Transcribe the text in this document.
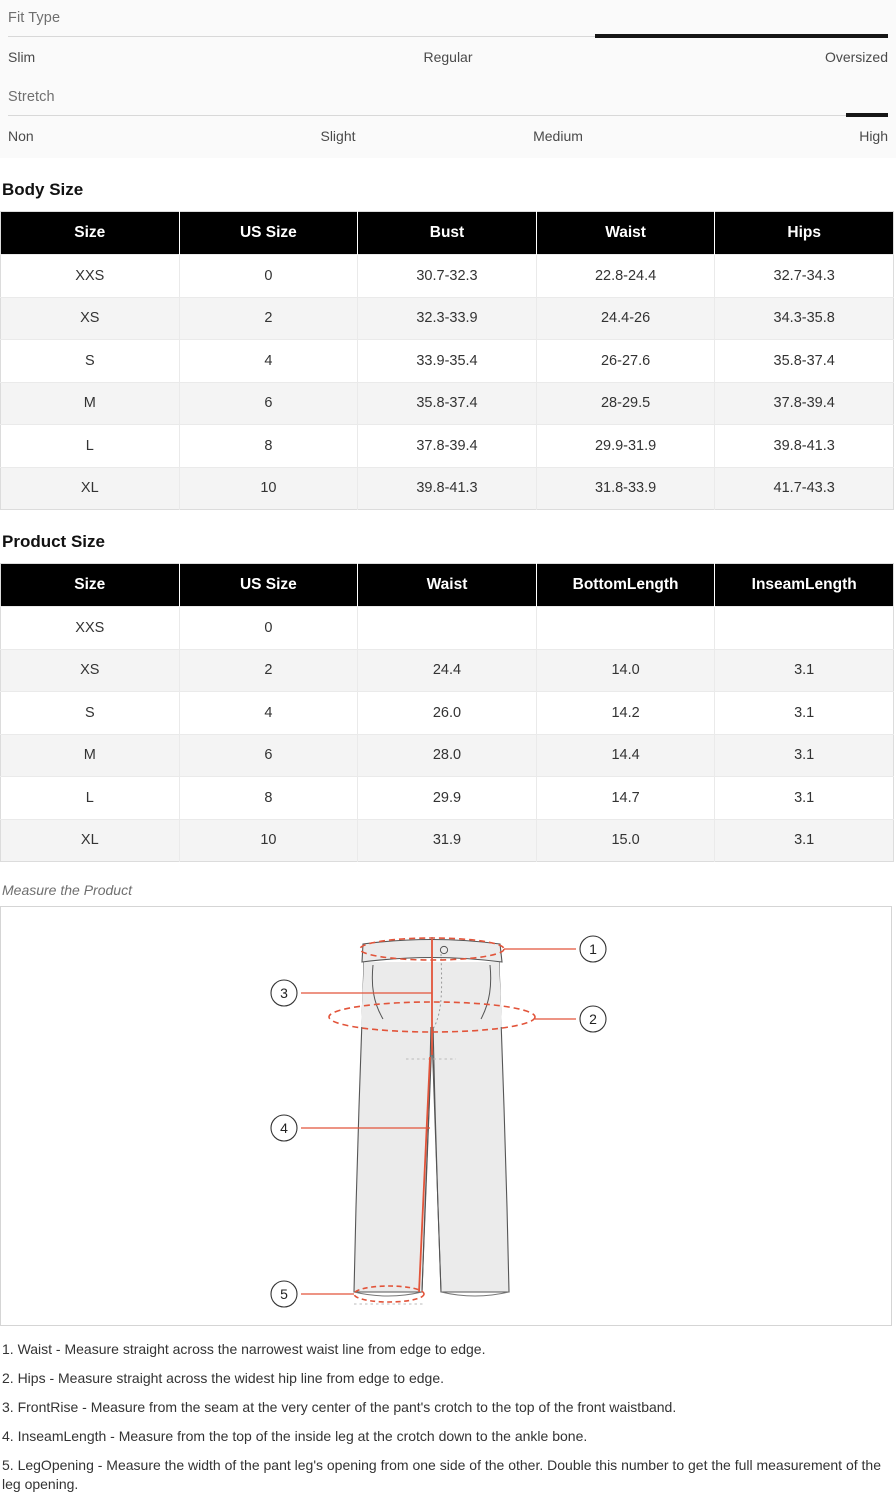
Fit Type
Slim	Regular	Oversized
Stretch
Non	Slight	Medium	High
Body Size
Size	US Size	Bust	Waist	Hips
XXS	0	30.7-32.3	22.8-24.4	32.7-34.3
XS	2	32.3-33.9	24.4-26	34.3-35.8
S	4	33.9-35.4	26-27.6	35.8-37.4
M	6	35.8-37.4	28-29.5	37.8-39.4
L	8	37.8-39.4	29.9-31.9	39.8-41.3
XL	10	39.8-41.3	31.8-33.9	41.7-43.3
Product Size
Size	US Size	Waist	BottomLength	InseamLength
XXS	0			
XS	2	24.4	14.0	3.1
S	4	26.0	14.2	3.1
M	6	28.0	14.4	3.1
L	8	29.9	14.7	3.1
XL	10	31.9	15.0	3.1
Measure the Product
1
2
3
4
5

1. Waist - Measure straight across the narrowest waist line from edge to edge.

2. Hips - Measure straight across the widest hip line from edge to edge.

3. FrontRise - Measure from the seam at the very center of the pant's crotch to the top of the front waistband.

4. InseamLength - Measure from the top of the inside leg at the crotch down to the ankle bone.

5. LegOpening - Measure the width of the pant leg's opening from one side of the other. Double this number to get the full measurement of the leg opening.
